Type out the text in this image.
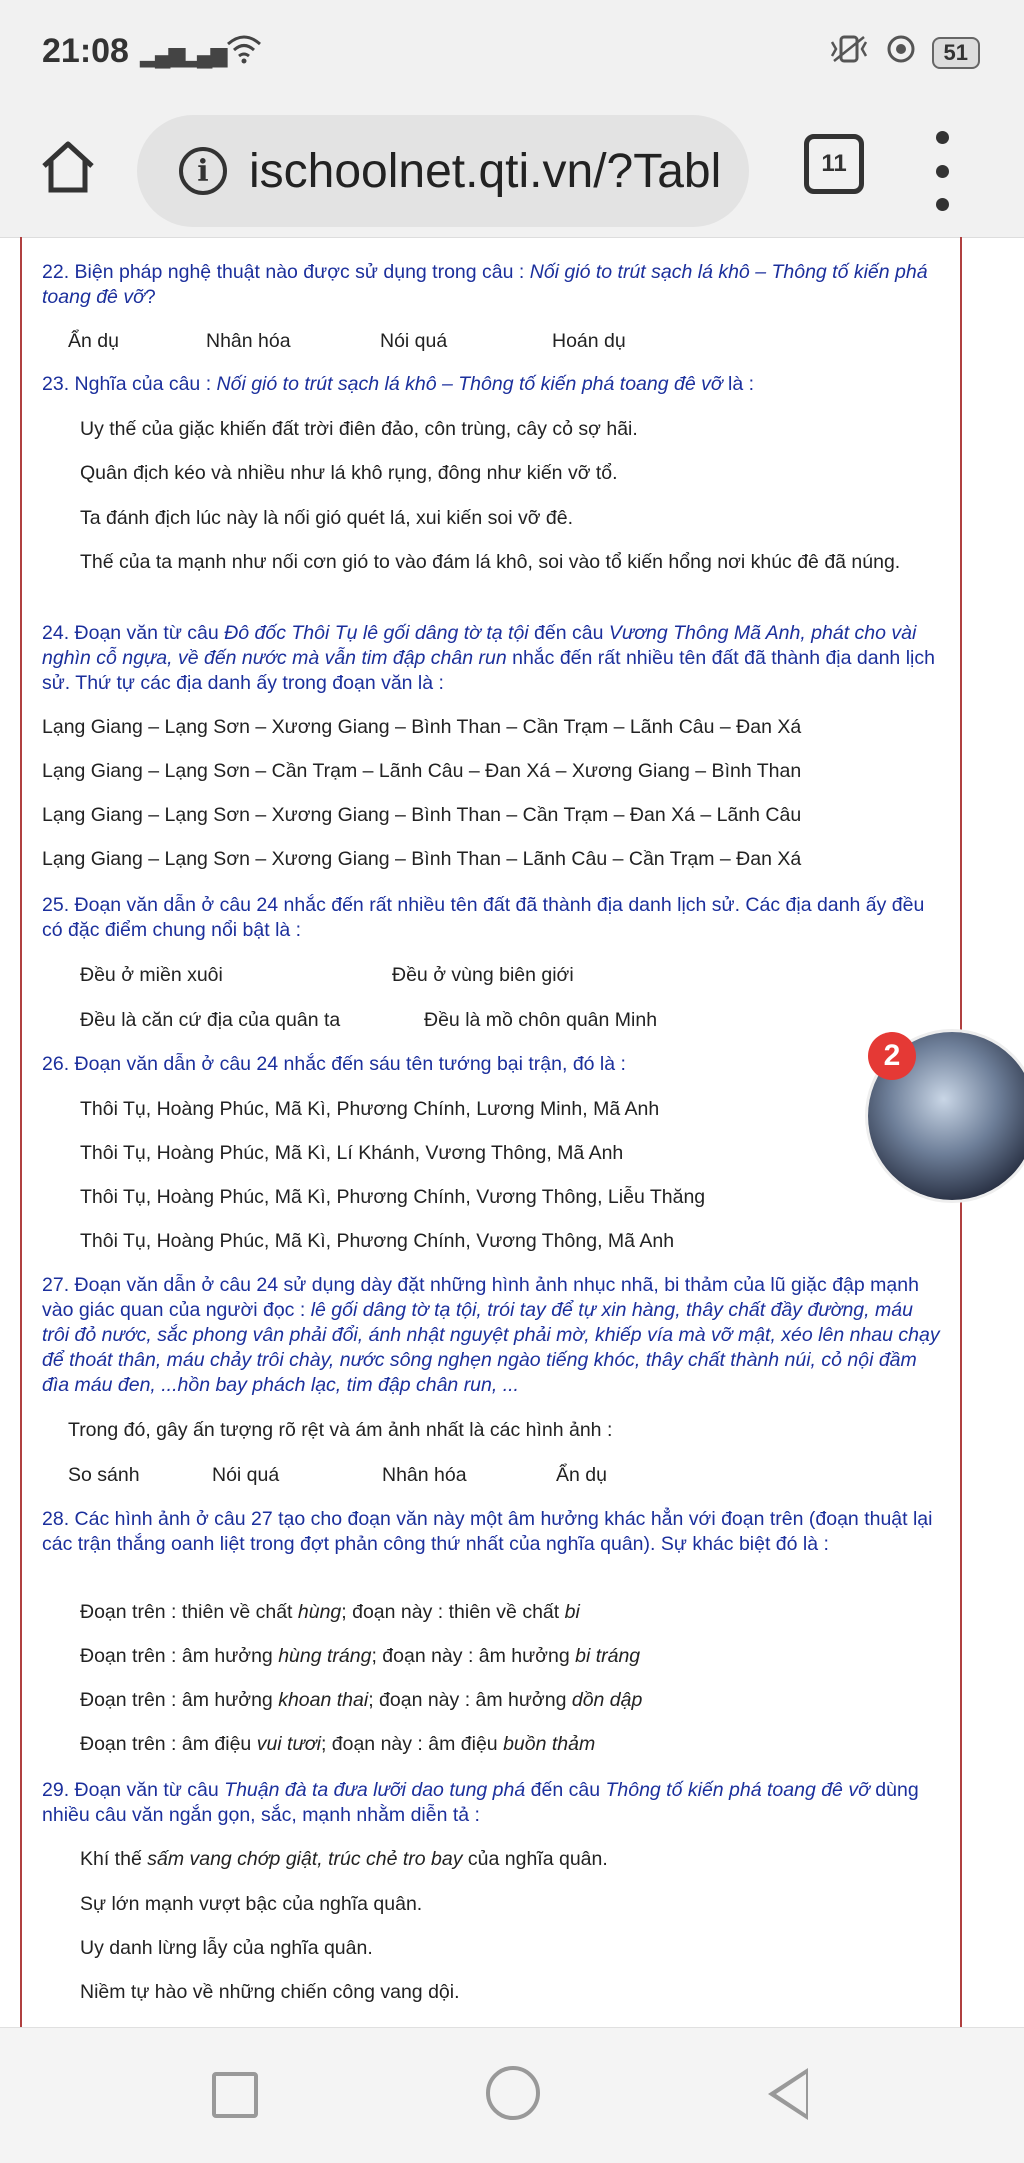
21:08 ▂▄▆
▂▄▆	51
i ischoolnet.qti.vn/?Tabl	11

22. Biện pháp nghệ thuật nào được sử dụng trong câu : Nối gió to trút sạch lá khô – Thông tố kiến phá toang đê vỡ?

Ẩn dụ	Nhân hóa	Nói quá	Hoán dụ

23. Nghĩa của câu : Nối gió to trút sạch lá khô – Thông tố kiến phá toang đê vỡ là :

Uy thế của giặc khiến đất trời điên đảo, côn trùng, cây cỏ sợ hãi.
Quân địch kéo và nhiều như lá khô rụng, đông như kiến vỡ tổ.
Ta đánh địch lúc này là nối gió quét lá, xui kiến soi vỡ đê.
Thế của ta mạnh như nối cơn gió to vào đám lá khô, soi vào tổ kiến hổng nơi khúc đê đã núng.

24. Đoạn văn từ câu Đô đốc Thôi Tụ lê gối dâng tờ tạ tội đến câu Vương Thông Mã Anh, phát cho vài nghìn cỗ ngựa, về đến nước mà vẫn tim đập chân run nhắc đến rất nhiều tên đất đã thành địa danh lịch sử. Thứ tự các địa danh ấy trong đoạn văn là :

Lạng Giang – Lạng Sơn – Xương Giang – Bình Than – Cần Trạm – Lãnh Câu – Đan Xá
Lạng Giang – Lạng Sơn – Cần Trạm – Lãnh Câu – Đan Xá – Xương Giang – Bình Than
Lạng Giang – Lạng Sơn – Xương Giang – Bình Than – Cần Trạm – Đan Xá – Lãnh Câu
Lạng Giang – Lạng Sơn – Xương Giang – Bình Than – Lãnh Câu – Cần Trạm – Đan Xá

25. Đoạn văn dẫn ở câu 24 nhắc đến rất nhiều tên đất đã thành địa danh lịch sử. Các địa danh ấy đều có đặc điểm chung nổi bật là :

Đều ở miền xuôi	Đều ở vùng biên giới
Đều là căn cứ địa của quân ta	Đều là mồ chôn quân Minh

26. Đoạn văn dẫn ở câu 24 nhắc đến sáu tên tướng bại trận, đó là :

Thôi Tụ, Hoàng Phúc, Mã Kì, Phương Chính, Lương Minh, Mã Anh
Thôi Tụ, Hoàng Phúc, Mã Kì, Lí Khánh, Vương Thông, Mã Anh
Thôi Tụ, Hoàng Phúc, Mã Kì, Phương Chính, Vương Thông, Liễu Thăng
Thôi Tụ, Hoàng Phúc, Mã Kì, Phương Chính, Vương Thông, Mã Anh

27. Đoạn văn dẫn ở câu 24 sử dụng dày đặt những hình ảnh nhục nhã, bi thảm của lũ giặc đập mạnh vào giác quan của người đọc : lê gối dâng tờ tạ tội, trói tay để tự xin hàng, thây chất đầy đường, máu trôi đỏ nước, sắc phong vân phải đổi, ánh nhật nguyệt phải mờ, khiếp vía mà vỡ mật, xéo lên nhau chạy để thoát thân, máu chảy trôi chày, nước sông nghẹn ngào tiếng khóc, thây chất thành núi, cỏ nội đầm đìa máu đen, ...hồn bay phách lạc, tim đập chân run, ...

Trong đó, gây ấn tượng rõ rệt và ám ảnh nhất là các hình ảnh :
So sánh	Nói quá	Nhân hóa	Ẩn dụ

28. Các hình ảnh ở câu 27 tạo cho đoạn văn này một âm hưởng khác hẳn với đoạn trên (đoạn thuật lại các trận thắng oanh liệt trong đợt phản công thứ nhất của nghĩa quân). Sự khác biệt đó là :

Đoạn trên : thiên về chất hùng; đoạn này : thiên về chất bi
Đoạn trên : âm hưởng hùng tráng; đoạn này : âm hưởng bi tráng
Đoạn trên : âm hưởng khoan thai; đoạn này : âm hưởng dồn dập
Đoạn trên : âm điệu vui tươi; đoạn này : âm điệu buồn thảm

29. Đoạn văn từ câu Thuận đà ta đưa lưỡi dao tung phá đến câu Thông tố kiến phá toang đê vỡ dùng nhiều câu văn ngắn gọn, sắc, mạnh nhằm diễn tả :

Khí thế sấm vang chớp giật, trúc chẻ tro bay của nghĩa quân.
Sự lớn mạnh vượt bậc của nghĩa quân.
Uy danh lừng lẫy của nghĩa quân.
Niềm tự hào về những chiến công vang dội.
2
